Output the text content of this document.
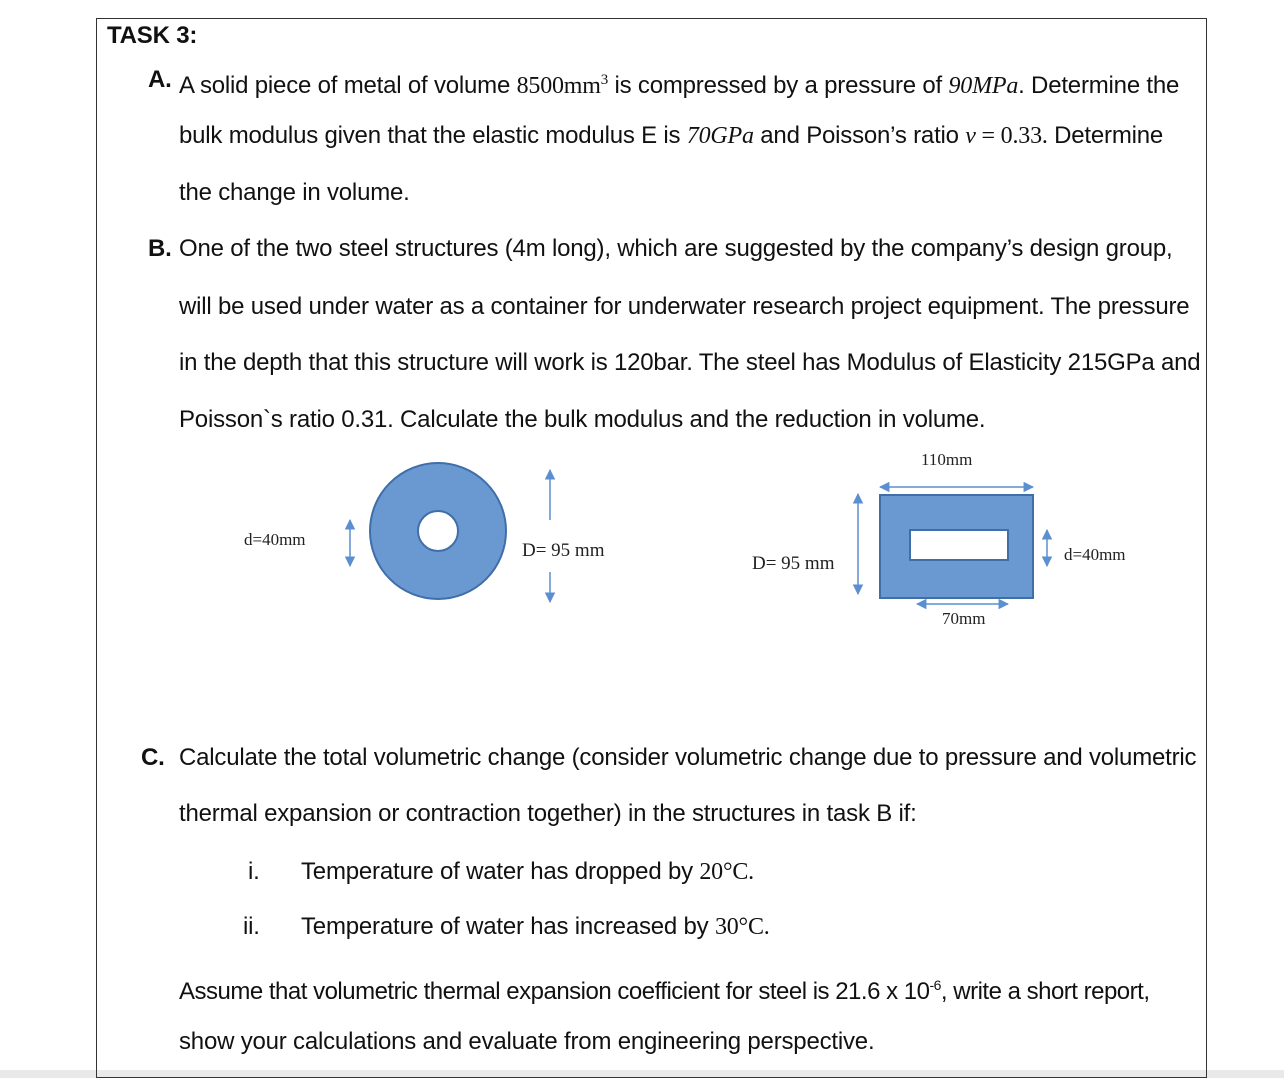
TASK 3:
A. A solid piece of metal of volume $8500mm^3$ is compressed by a pressure of 90MPa. Determine the
bulk modulus given that the elastic modulus E is 70GPa and Poisson’s ratio v = 0.33. Determine
the change in volume.
B. One of the two steel structures (4m long), which are suggested by the company’s design group,
will be used under water as a container for underwater research project equipment. The pressure
in the depth that this structure will work is 120bar. The steel has Modulus of Elasticity 215GPa and
Poisson`s ratio 0.31. Calculate the bulk modulus and the reduction in volume.
d=40mm
D= 95 mm
110mm
D= 95 mm	d=40mm
70mm
C. Calculate the total volumetric change (consider volumetric change due to pressure and volumetric
thermal expansion or contraction together) in the structures in task B if:
i. Temperature of water has dropped by 20°C.
ii. Temperature of water has increased by 30°C.
Assume that volumetric thermal expansion coefficient for steel is 21.6 x $10^{-6}$, write a short report,
show your calculations and evaluate from engineering perspective.
